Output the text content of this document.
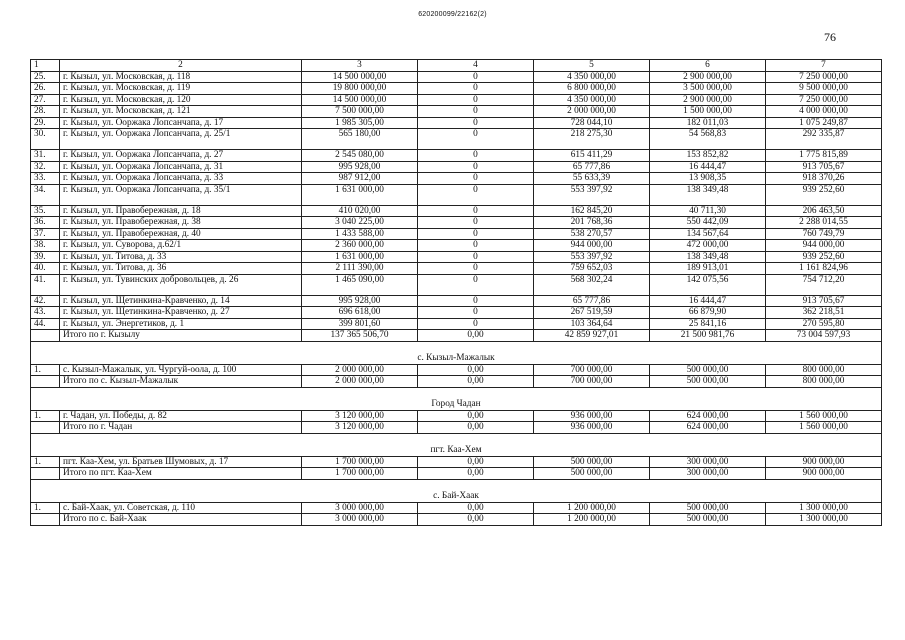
620200099/22162(2)
76
1	2	3	4	5	6	7
25.	г. Кызыл, ул. Московская, д. 118	14 500 000,00	0	4 350 000,00	2 900 000,00	7 250 000,00
26.	г. Кызыл, ул. Московская, д. 119	19 800 000,00	0	6 800 000,00	3 500 000,00	9 500 000,00
27.	г. Кызыл, ул. Московская, д. 120	14 500 000,00	0	4 350 000,00	2 900 000,00	7 250 000,00
28.	г. Кызыл, ул. Московская, д. 121	7 500 000,00	0	2 000 000,00	1 500 000,00	4 000 000,00
29.	г. Кызыл, ул. Ооржака Лопсанчапа, д. 17	1 985 305,00	0	728 044,10	182 011,03	1 075 249,87
30.	г. Кызыл, ул. Ооржака Лопсанчапа, д. 25/1	565 180,00	0	218 275,30	54 568,83	292 335,87
31.	г. Кызыл, ул. Ооржака Лопсанчапа, д. 27	2 545 080,00	0	615 411,29	153 852,82	1 775 815,89
32.	г. Кызыл, ул. Ооржака Лопсанчапа, д. 31	995 928,00	0	65 777,86	16 444,47	913 705,67
33.	г. Кызыл, ул. Ооржака Лопсанчапа, д. 33	987 912,00	0	55 633,39	13 908,35	918 370,26
34.	г. Кызыл, ул. Ооржака Лопсанчапа, д. 35/1	1 631 000,00	0	553 397,92	138 349,48	939 252,60
35.	г. Кызыл, ул. Правобережная, д. 18	410 020,00	0	162 845,20	40 711,30	206 463,50
36.	г. Кызыл, ул. Правобережная, д. 38	3 040 225,00	0	201 768,36	550 442,09	2 288 014,55
37.	г. Кызыл, ул. Правобережная, д. 40	1 433 588,00	0	538 270,57	134 567,64	760 749,79
38.	г. Кызыл, ул. Суворова, д.62/1	2 360 000,00	0	944 000,00	472 000,00	944 000,00
39.	г. Кызыл, ул. Титова, д. 33	1 631 000,00	0	553 397,92	138 349,48	939 252,60
40.	г. Кызыл, ул. Титова, д. 36	2 111 390,00	0	759 652,03	189 913,01	1 161 824,96
41.	г. Кызыл, ул. Тувинских добровольцев, д. 26	1 465 090,00	0	568 302,24	142 075,56	754 712,20
42.	г. Кызыл, ул. Щетинкина-Кравченко, д. 14	995 928,00	0	65 777,86	16 444,47	913 705,67
43.	г. Кызыл, ул. Щетинкина-Кравченко, д. 27	696 618,00	0	267 519,59	66 879,90	362 218,51
44.	г. Кызыл, ул. Энергетиков, д. 1	399 801,60	0	103 364,64	25 841,16	270 595,80
	Итого по г. Кызылу	137 365 506,70	0,00	42 859 927,01	21 500 981,76	73 004 597,93

с. Кызыл-Мажалык						
1.	с. Кызыл-Мажалык, ул. Чургуй-оола, д. 100	2 000 000,00	0,00	700 000,00	500 000,00	800 000,00
	Итого по с. Кызыл-Мажалык	2 000 000,00	0,00	700 000,00	500 000,00	800 000,00

Город Чадан						
1.	г. Чадан, ул. Победы, д. 82	3 120 000,00	0,00	936 000,00	624 000,00	1 560 000,00
	Итого по г. Чадан	3 120 000,00	0,00	936 000,00	624 000,00	1 560 000,00

пгт. Каа-Хем						
1.	пгт. Каа-Хем, ул. Братьев Шумовых, д. 17	1 700 000,00	0,00	500 000,00	300 000,00	900 000,00
	Итого по пгт. Каа-Хем	1 700 000,00	0,00	500 000,00	300 000,00	900 000,00

с. Бай-Хаак						
1.	с. Бай-Хаак, ул. Советская, д. 110	3 000 000,00	0,00	1 200 000,00	500 000,00	1 300 000,00
	Итого по с. Бай-Хаак	3 000 000,00	0,00	1 200 000,00	500 000,00	1 300 000,00
